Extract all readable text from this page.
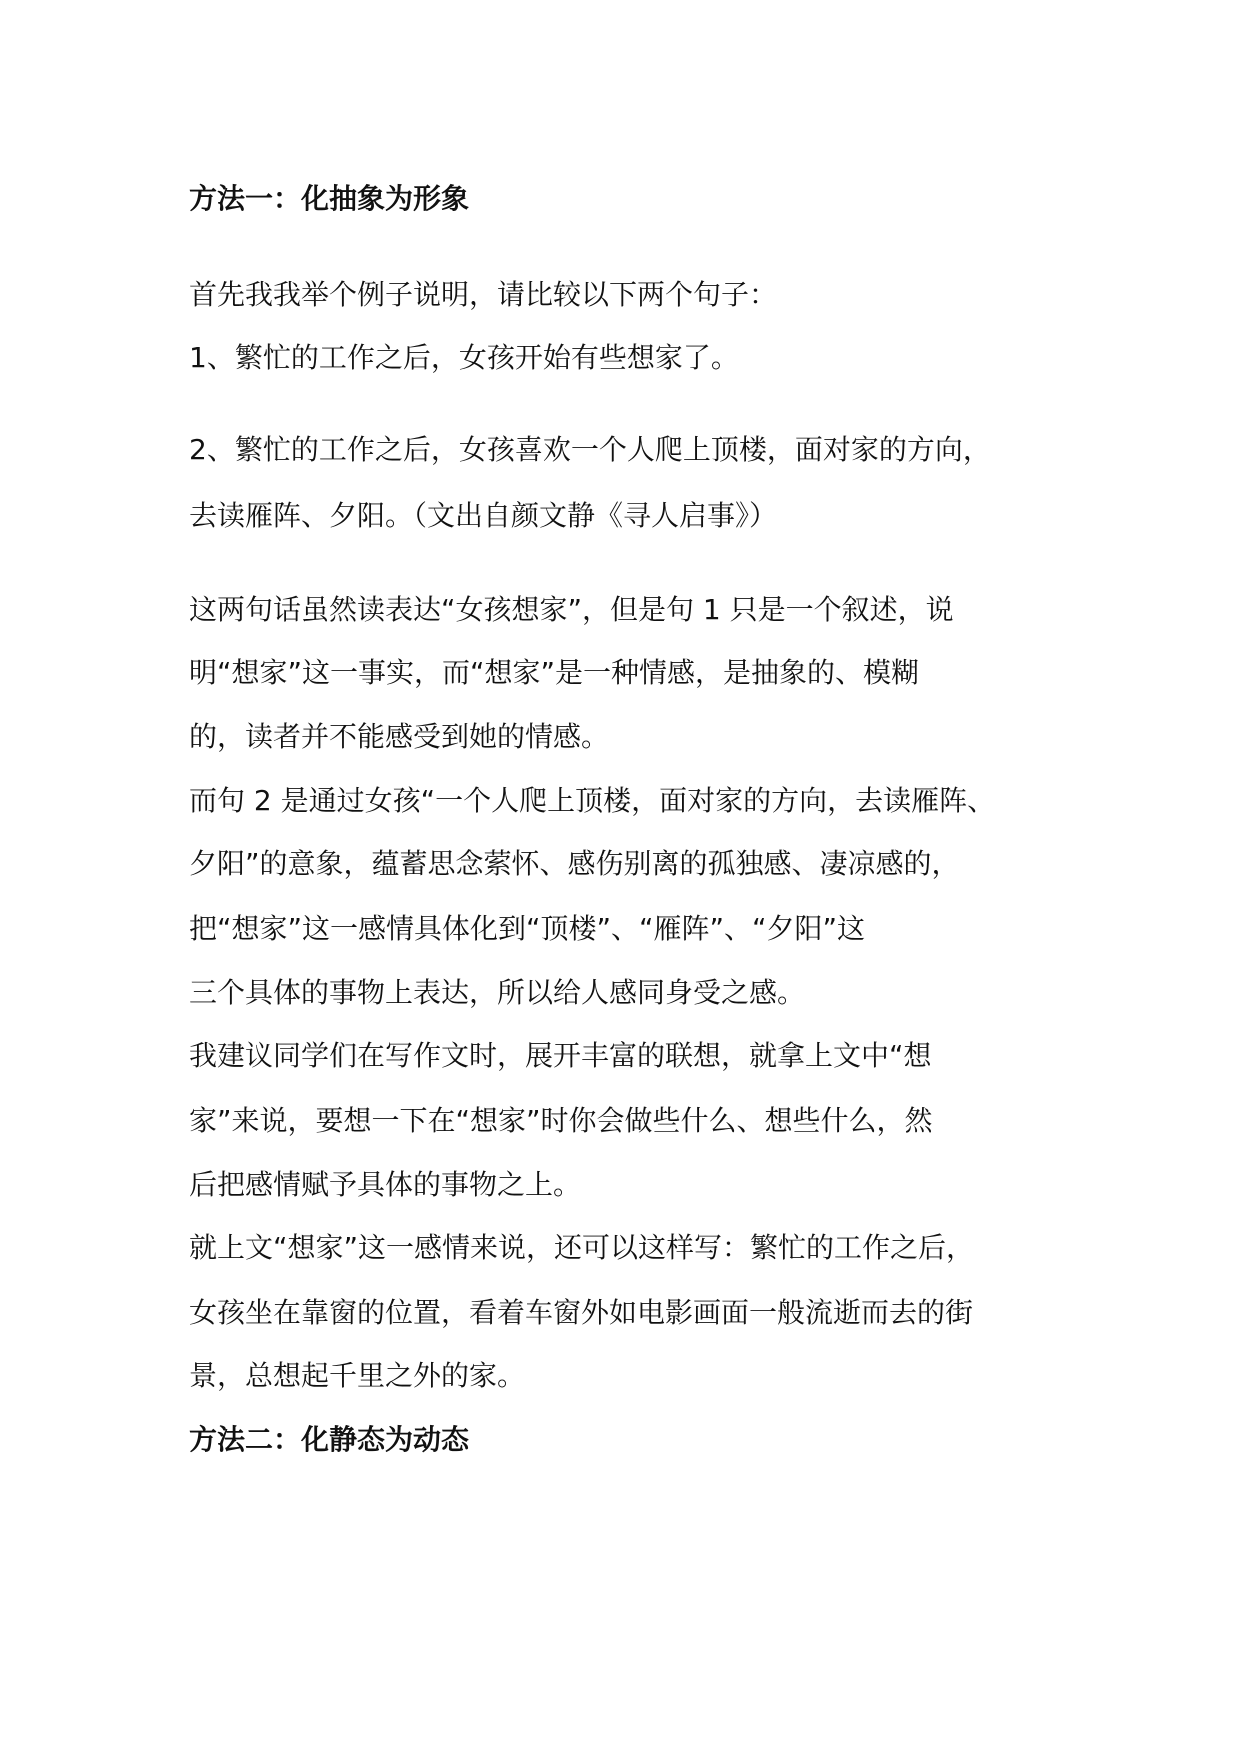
方法一：化抽象为形象

首先我我举个例子说明，请比较以下两个句子：

1、繁忙的工作之后，女孩开始有些想家了。

2、繁忙的工作之后，女孩喜欢一个人爬上顶楼，面对家的方向，

去读雁阵、夕阳。（文出自颜文静《寻人启事》）

这两句话虽然读表达“女孩想家”，但是句 1 只是一个叙述，说

明“想家”这一事实，而“想家”是一种情感，是抽象的、模糊

的，读者并不能感受到她的情感。

而句 2 是通过女孩“一个人爬上顶楼，面对家的方向，去读雁阵、

夕阳”的意象，蕴蓄思念萦怀、感伤别离的孤独感、凄凉感的，

把“想家”这一感情具体化到“顶楼”、“雁阵”、“夕阳”这

三个具体的事物上表达，所以给人感同身受之感。

我建议同学们在写作文时，展开丰富的联想，就拿上文中“想

家”来说，要想一下在“想家”时你会做些什么、想些什么，然

后把感情赋予具体的事物之上。

就上文“想家”这一感情来说，还可以这样写：繁忙的工作之后，

女孩坐在靠窗的位置，看着车窗外如电影画面一般流逝而去的街

景，总想起千里之外的家。

方法二：化静态为动态
